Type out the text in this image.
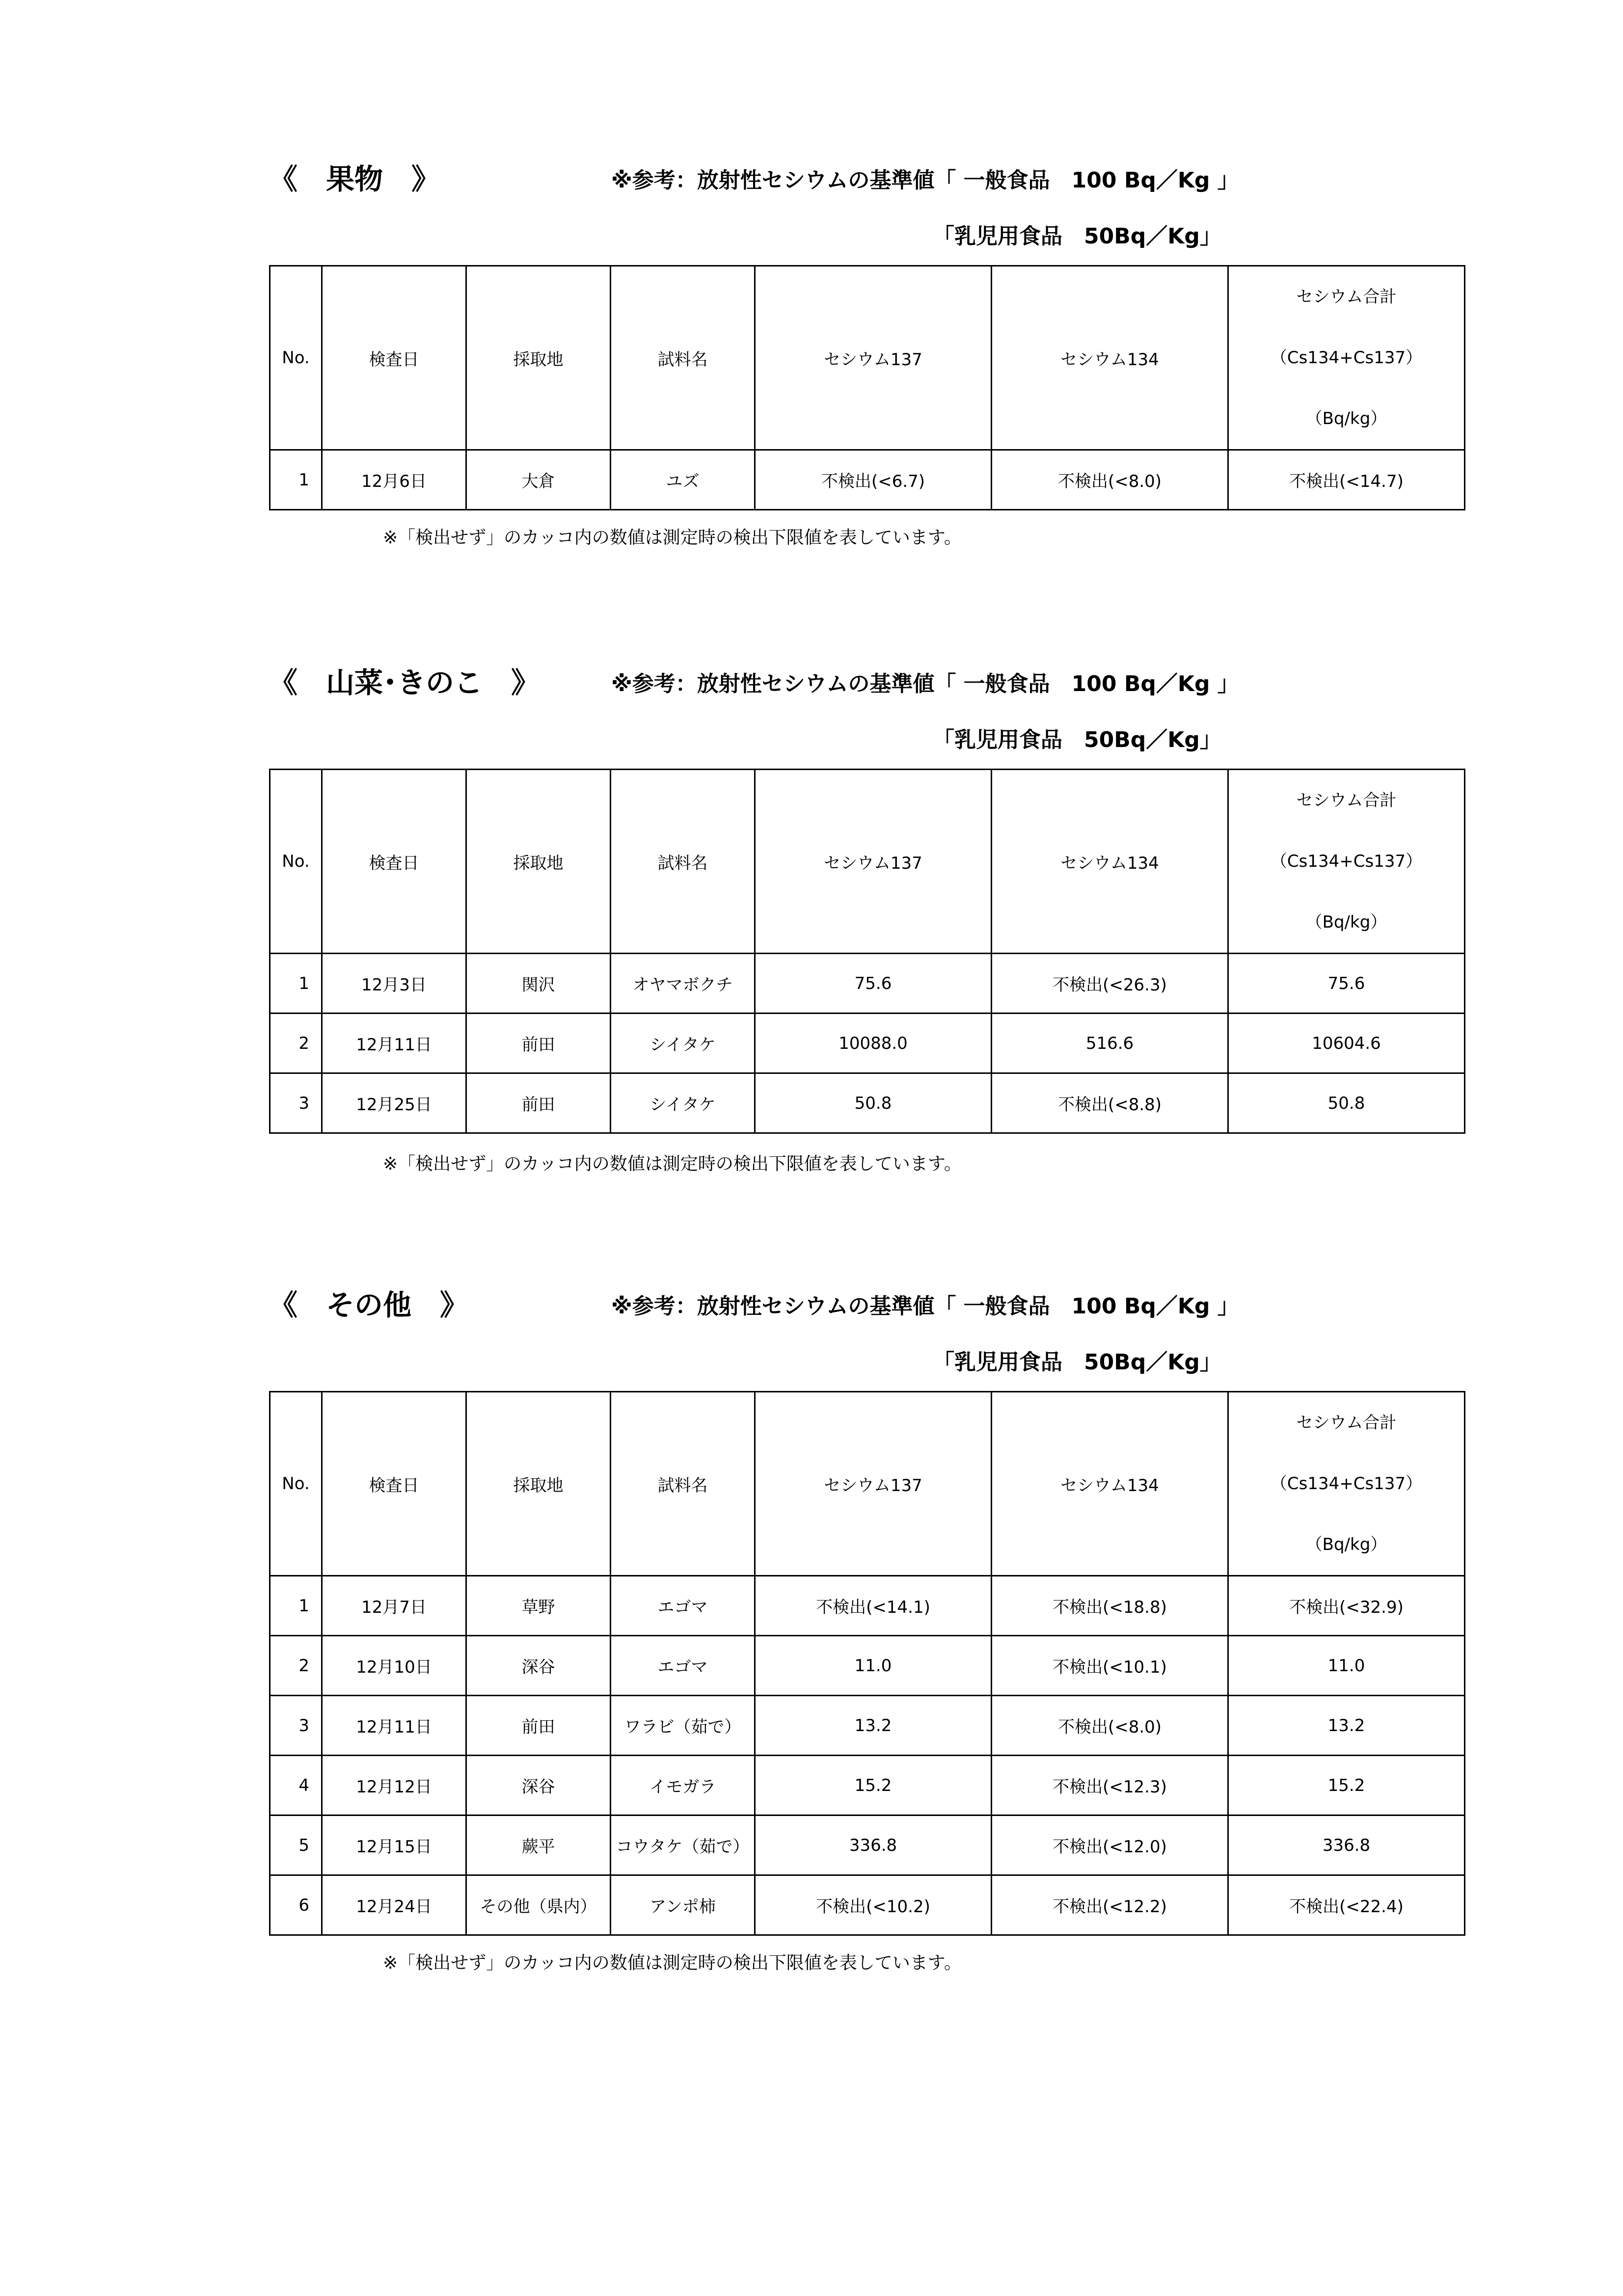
《　果物　》	※参考：放射性セシウムの基準値「 一般食品　100 Bq／Kg 」
「乳児用食品　50Bq／Kg」
No.	検査日	採取地	試料名	セシウム137	セシウム134	セシウム合計
（Cs134+Cs137）
（Bq/kg）

1	12月6日	大倉	ユズ	不検出(<6.7)	不検出(<8.0)	不検出(<14.7)
※「検出せず」のカッコ内の数値は測定時の検出下限値を表しています。
《　山菜･きのこ　》	※参考：放射性セシウムの基準値「 一般食品　100 Bq／Kg 」
「乳児用食品　50Bq／Kg」
No.	検査日	採取地	試料名	セシウム137	セシウム134	セシウム合計
（Cs134+Cs137）
（Bq/kg）

1	12月3日	関沢	オヤマボクチ	75.6	不検出(<26.3)	75.6
2	12月11日	前田	シイタケ	10088.0	516.6	10604.6
3	12月25日	前田	シイタケ	50.8	不検出(<8.8)	50.8
※「検出せず」のカッコ内の数値は測定時の検出下限値を表しています。
《　その他　》	※参考：放射性セシウムの基準値「 一般食品　100 Bq／Kg 」
「乳児用食品　50Bq／Kg」
No.	検査日	採取地	試料名	セシウム137	セシウム134	セシウム合計
（Cs134+Cs137）
（Bq/kg）

1	12月7日	草野	エゴマ	不検出(<14.1)	不検出(<18.8)	不検出(<32.9)
2	12月10日	深谷	エゴマ	11.0	不検出(<10.1)	11.0
3	12月11日	前田	ワラビ（茹で）	13.2	不検出(<8.0)	13.2
4	12月12日	深谷	イモガラ	15.2	不検出(<12.3)	15.2
5	12月15日	蕨平	コウタケ（茹で）	336.8	不検出(<12.0)	336.8
6	12月24日	その他（県内）	アンポ柿	不検出(<10.2)	不検出(<12.2)	不検出(<22.4)
※「検出せず」のカッコ内の数値は測定時の検出下限値を表しています。
